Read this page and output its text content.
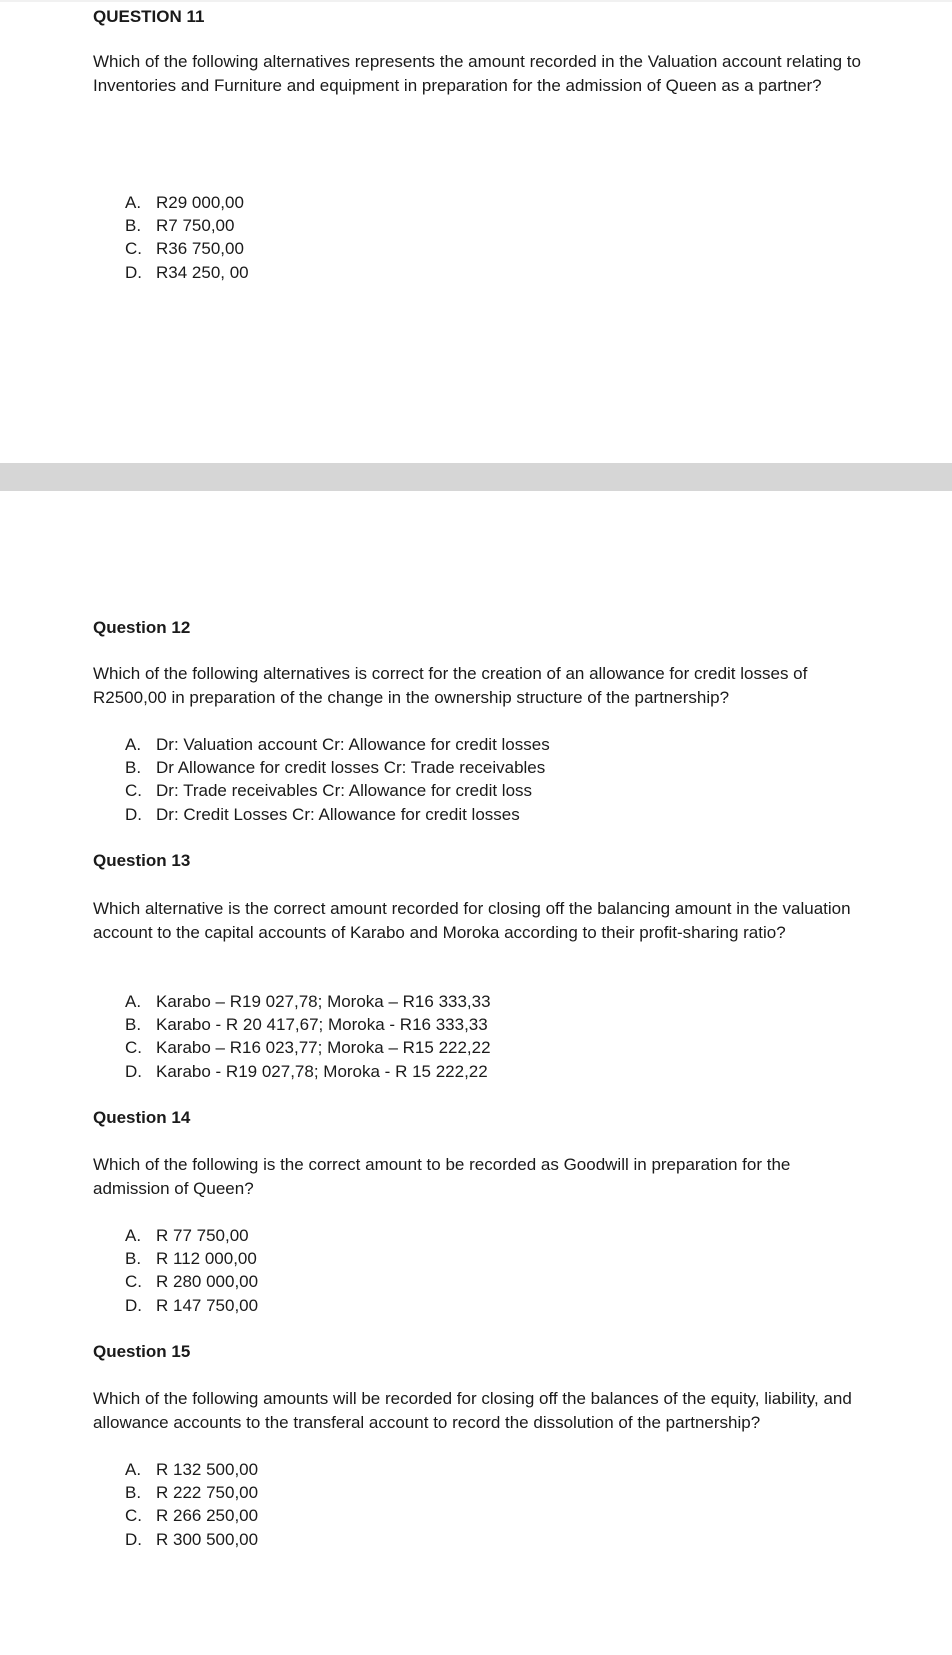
QUESTION 11

Which of the following alternatives represents the amount recorded in the Valuation account relating to Inventories and Furniture and equipment in preparation for the admission of Queen as a partner?

A. R29 000,00
B. R7 750,00
C. R36 750,00
D. R34 250, 00

Question 12

Which of the following alternatives is correct for the creation of an allowance for credit losses of R2500,00 in preparation of the change in the ownership structure of the partnership?

A. Dr: Valuation account Cr: Allowance for credit losses
B. Dr Allowance for credit losses Cr: Trade receivables
C. Dr: Trade receivables Cr: Allowance for credit loss
D. Dr: Credit Losses Cr: Allowance for credit losses

Question 13

Which alternative is the correct amount recorded for closing off the balancing amount in the valuation account to the capital accounts of Karabo and Moroka according to their profit-sharing ratio?

A. Karabo – R19 027,78; Moroka – R16 333,33
B. Karabo - R 20 417,67; Moroka - R16 333,33
C. Karabo – R16 023,77; Moroka – R15 222,22
D. Karabo - R19 027,78; Moroka - R 15 222,22

Question 14

Which of the following is the correct amount to be recorded as Goodwill in preparation for the admission of Queen?

A. R 77 750,00
B. R 112 000,00
C. R 280 000,00
D. R 147 750,00

Question 15

Which of the following amounts will be recorded for closing off the balances of the equity, liability, and allowance accounts to the transferal account to record the dissolution of the partnership?

A. R 132 500,00
B. R 222 750,00
C. R 266 250,00
D. R 300 500,00
